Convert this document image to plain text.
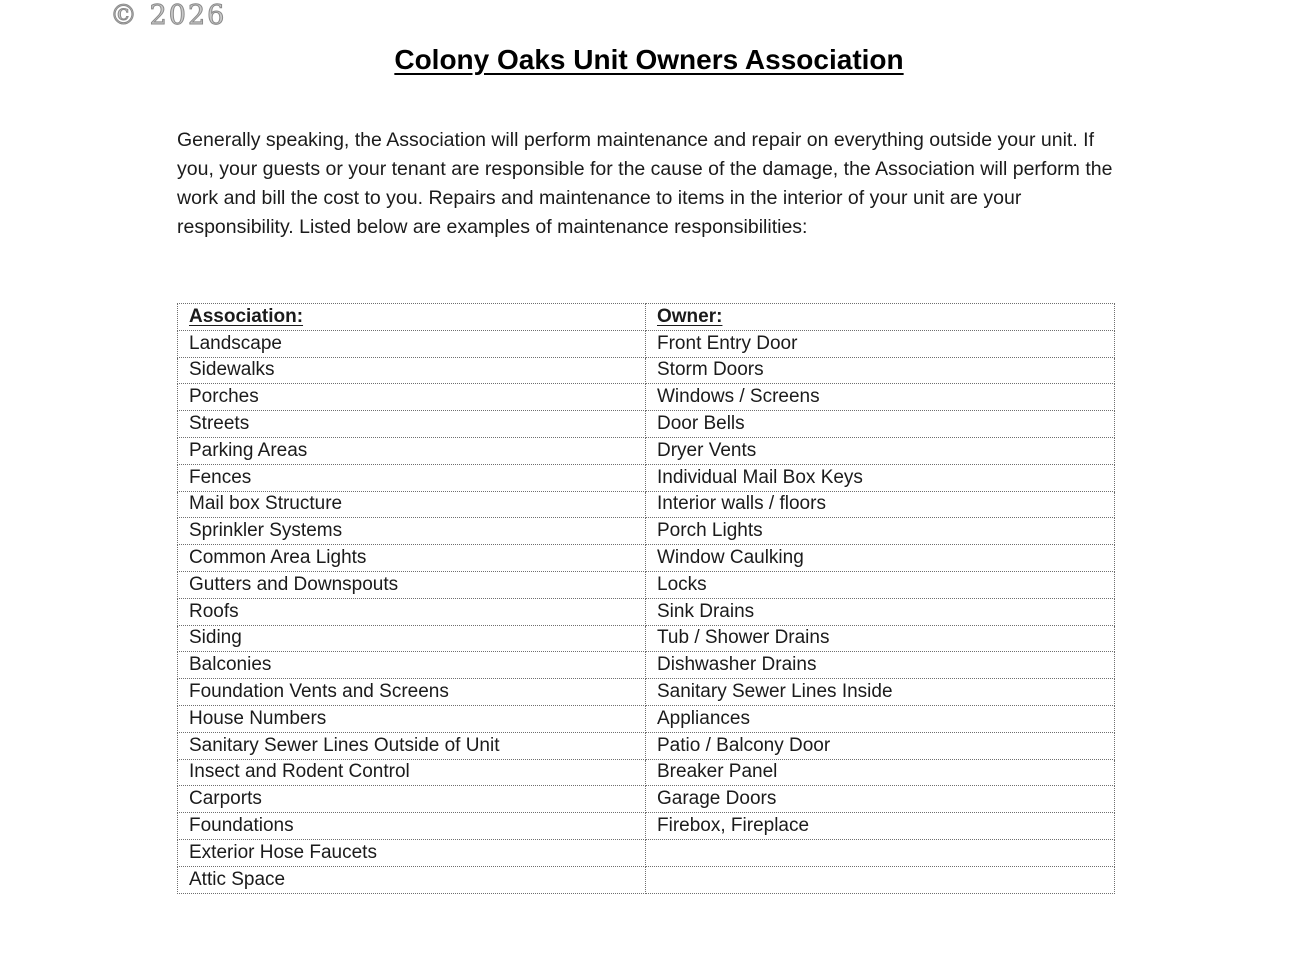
© 2026
Colony Oaks Unit Owners Association

Generally speaking, the Association will perform maintenance and repair on everything outside your unit. If you, your guests or your tenant are responsible for the cause of the damage, the Association will perform the work and bill the cost to you. Repairs and maintenance to items in the interior of your unit are your responsibility. Listed below are examples of maintenance responsibilities:

Association:	Owner:
Landscape	Front Entry Door
Sidewalks	Storm Doors
Porches	Windows / Screens
Streets	Door Bells
Parking Areas	Dryer Vents
Fences	Individual Mail Box Keys
Mail box Structure	Interior walls / floors
Sprinkler Systems	Porch Lights
Common Area Lights	Window Caulking
Gutters and Downspouts	Locks
Roofs	Sink Drains
Siding	Tub / Shower Drains
Balconies	Dishwasher Drains
Foundation Vents and Screens	Sanitary Sewer Lines Inside
House Numbers	Appliances
Sanitary Sewer Lines Outside of Unit	Patio / Balcony Door
Insect and Rodent Control	Breaker Panel
Carports	Garage Doors
Foundations	Firebox, Fireplace
Exterior Hose Faucets	
Attic Space	
